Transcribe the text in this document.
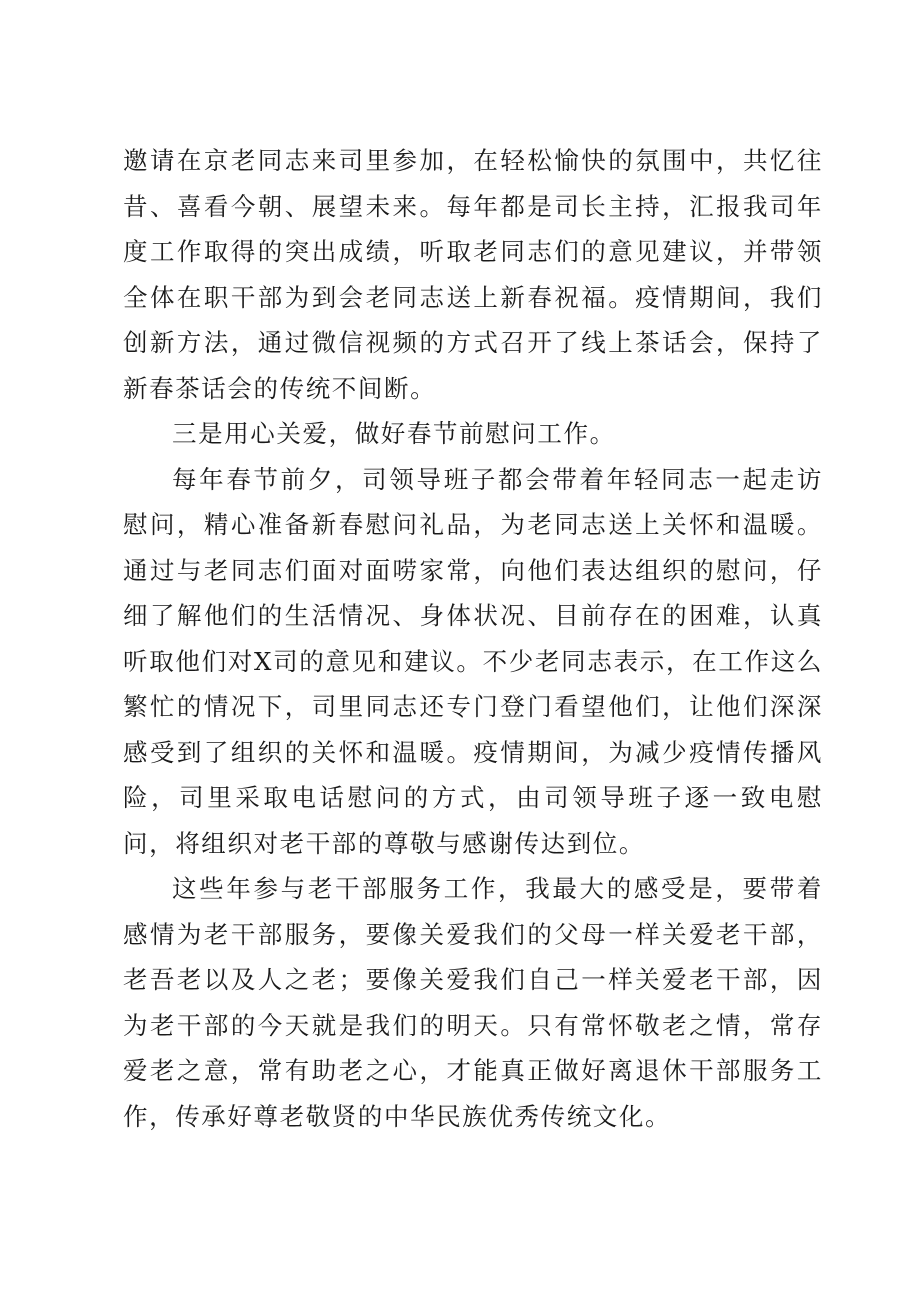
邀请在京老同志来司里参加，在轻松愉快的氛围中，共忆往昔、喜看今朝、展望未来。每年都是司长主持，汇报我司年度工作取得的突出成绩，听取老同志们的意见建议，并带领全体在职干部为到会老同志送上新春祝福。疫情期间，我们创新方法，通过微信视频的方式召开了线上茶话会，保持了新春茶话会的传统不间断。

三是用心关爱，做好春节前慰问工作。

每年春节前夕，司领导班子都会带着年轻同志一起走访慰问，精心准备新春慰问礼品，为老同志送上关怀和温暖。通过与老同志们面对面唠家常，向他们表达组织的慰问，仔细了解他们的生活情况、身体状况、目前存在的困难，认真听取他们对X司的意见和建议。不少老同志表示，在工作这么繁忙的情况下，司里同志还专门登门看望他们，让他们深深感受到了组织的关怀和温暖。疫情期间，为减少疫情传播风险，司里采取电话慰问的方式，由司领导班子逐一致电慰问，将组织对老干部的尊敬与感谢传达到位。

这些年参与老干部服务工作，我最大的感受是，要带着感情为老干部服务，要像关爱我们的父母一样关爱老干部，老吾老以及人之老；要像关爱我们自己一样关爱老干部，因为老干部的今天就是我们的明天。只有常怀敬老之情，常存爱老之意，常有助老之心，才能真正做好离退休干部服务工作，传承好尊老敬贤的中华民族优秀传统文化。
